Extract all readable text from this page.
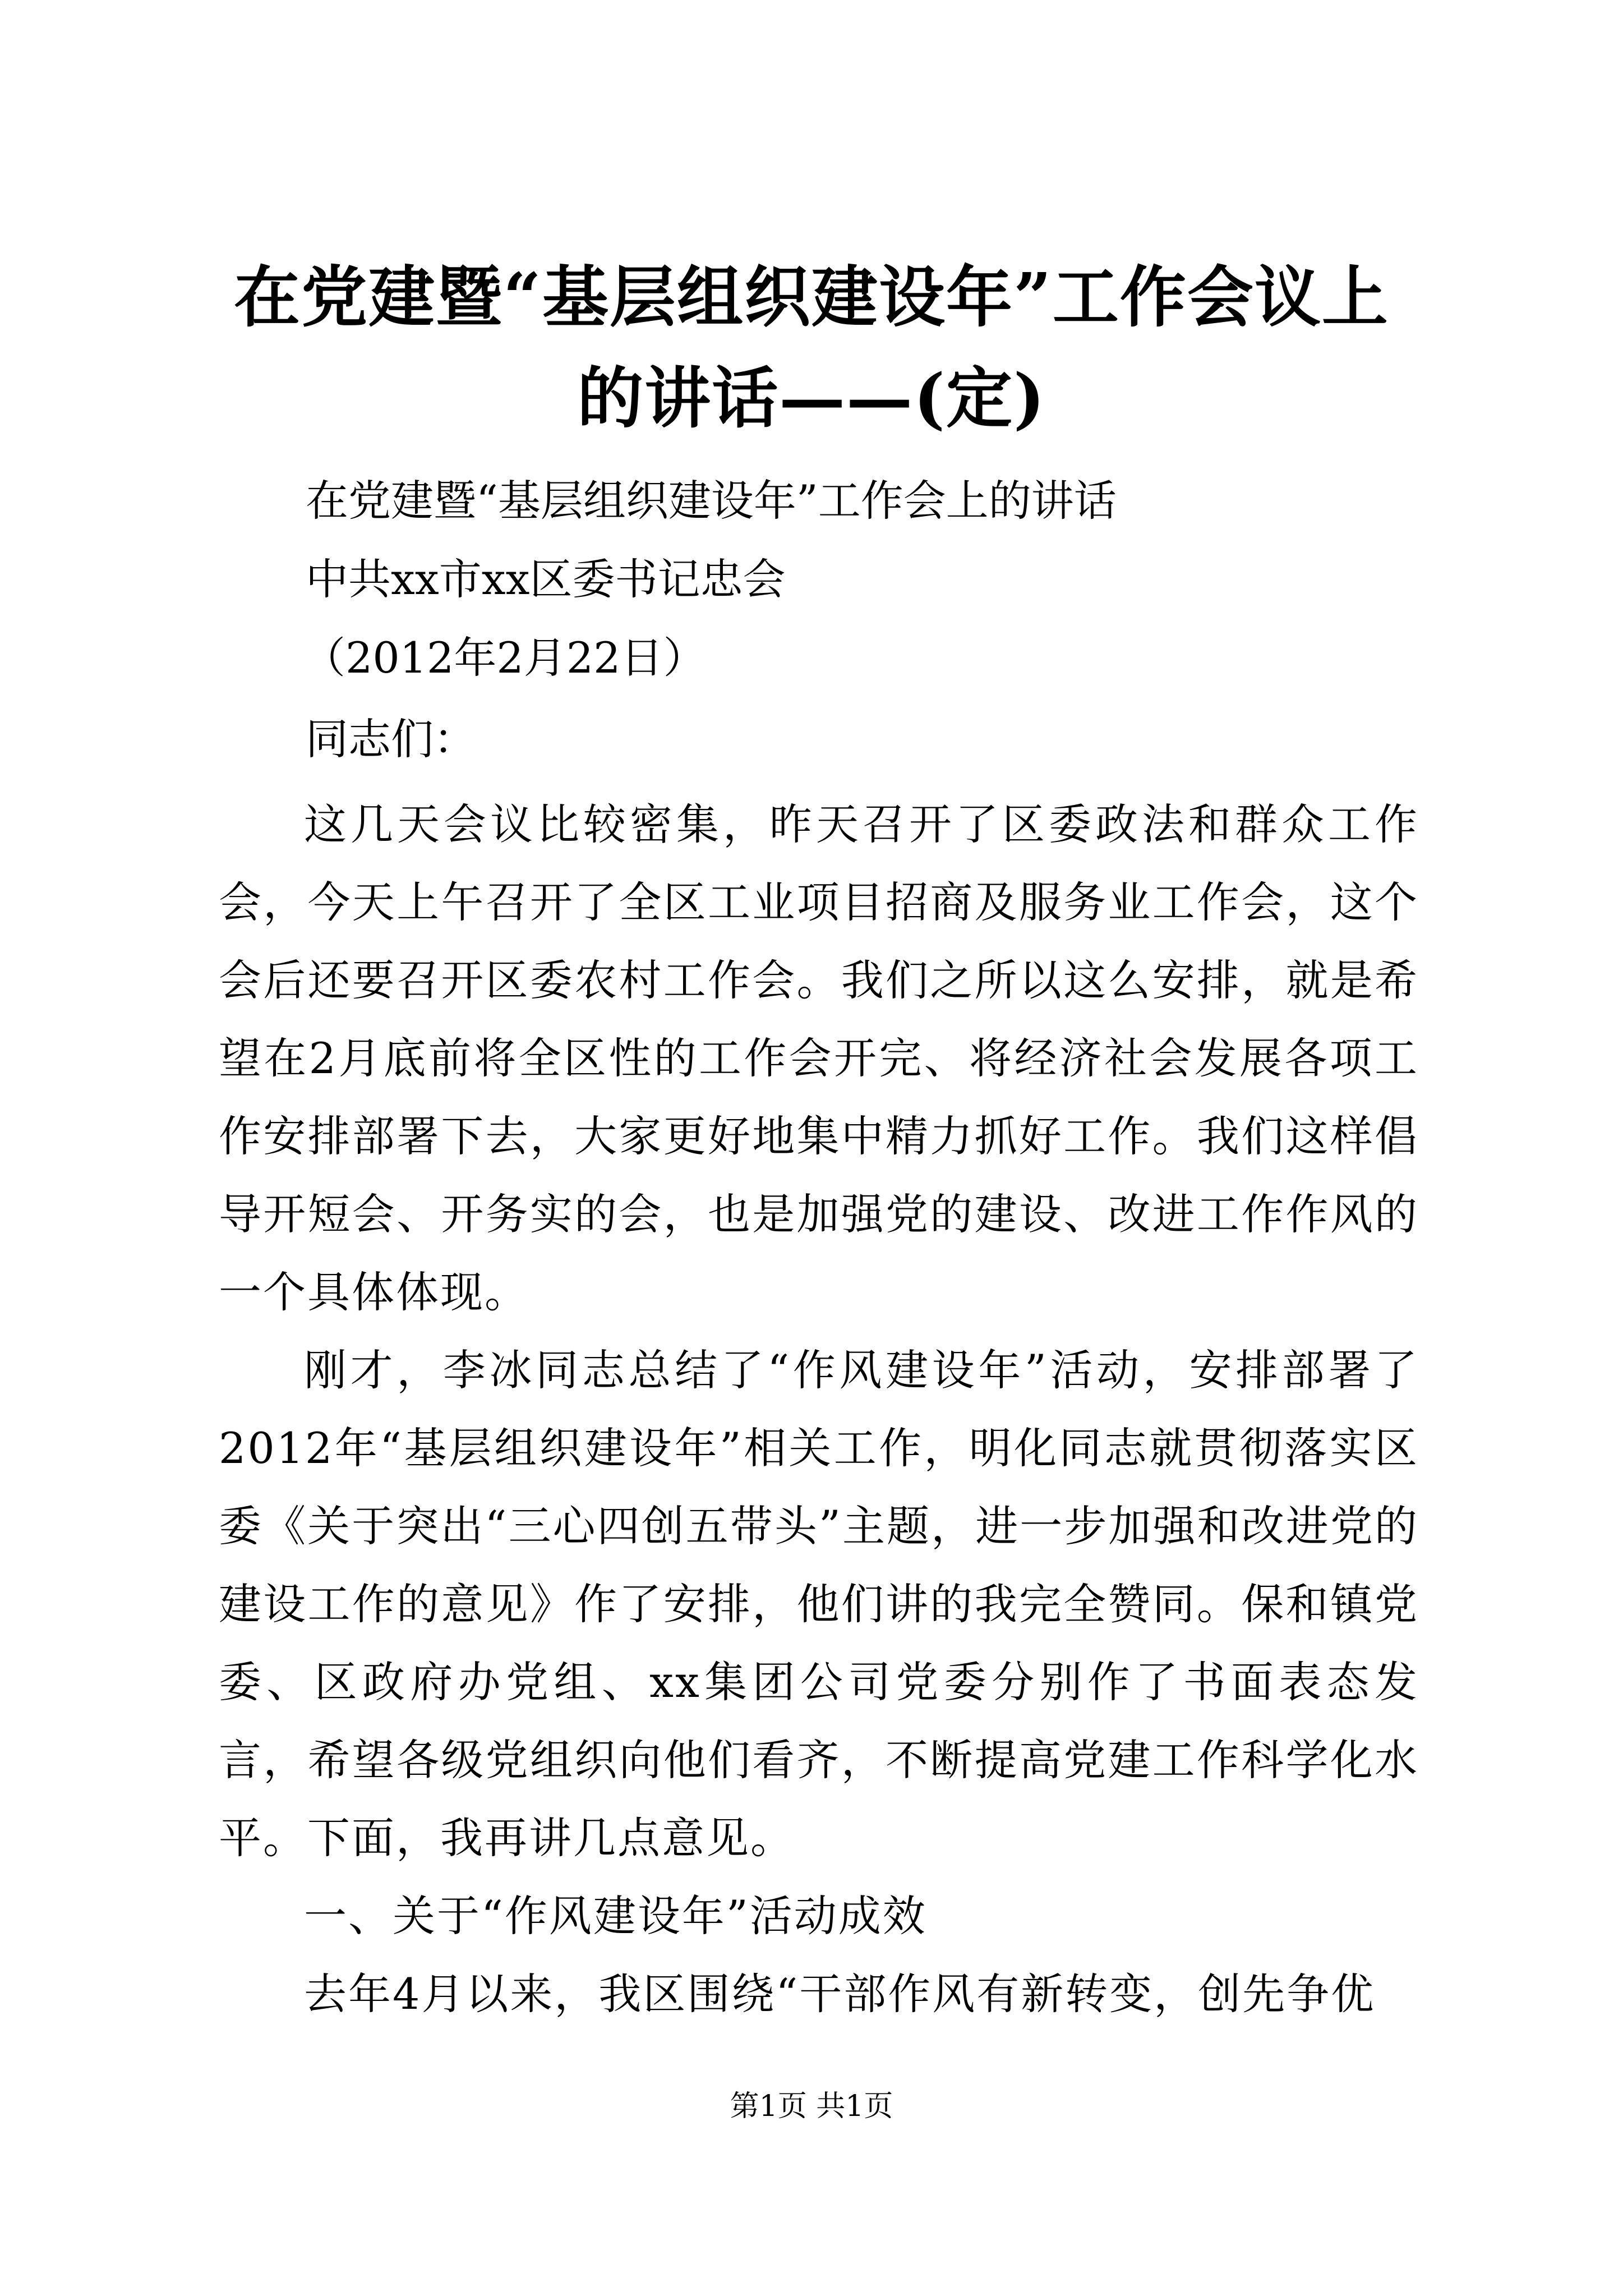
在党建暨“基层组织建设年”工作会议上的讲话——(定)

在党建暨“基层组织建设年”工作会上的讲话

中共xx市xx区委书记忠会

（2012年2月22日）

同志们：

这几天会议比较密集，昨天召开了区委政法和群众工作会，今天上午召开了全区工业项目招商及服务业工作会，这个会后还要召开区委农村工作会。我们之所以这么安排，就是希望在2月底前将全区性的工作会开完、将经济社会发展各项工作安排部署下去，大家更好地集中精力抓好工作。我们这样倡导开短会、开务实的会，也是加强党的建设、改进工作作风的一个具体体现。

刚才，李冰同志总结了“作风建设年”活动，安排部署了2012年“基层组织建设年”相关工作，明化同志就贯彻落实区委《关于突出“三心四创五带头”主题，进一步加强和改进党的建设工作的意见》作了安排，他们讲的我完全赞同。保和镇党委、区政府办党组、xx集团公司党委分别作了书面表态发言，希望各级党组织向他们看齐，不断提高党建工作科学化水平。下面，我再讲几点意见。

一、关于“作风建设年”活动成效

去年4月以来，我区围绕“干部作风有新转变，创先争优

第1页 共1页
